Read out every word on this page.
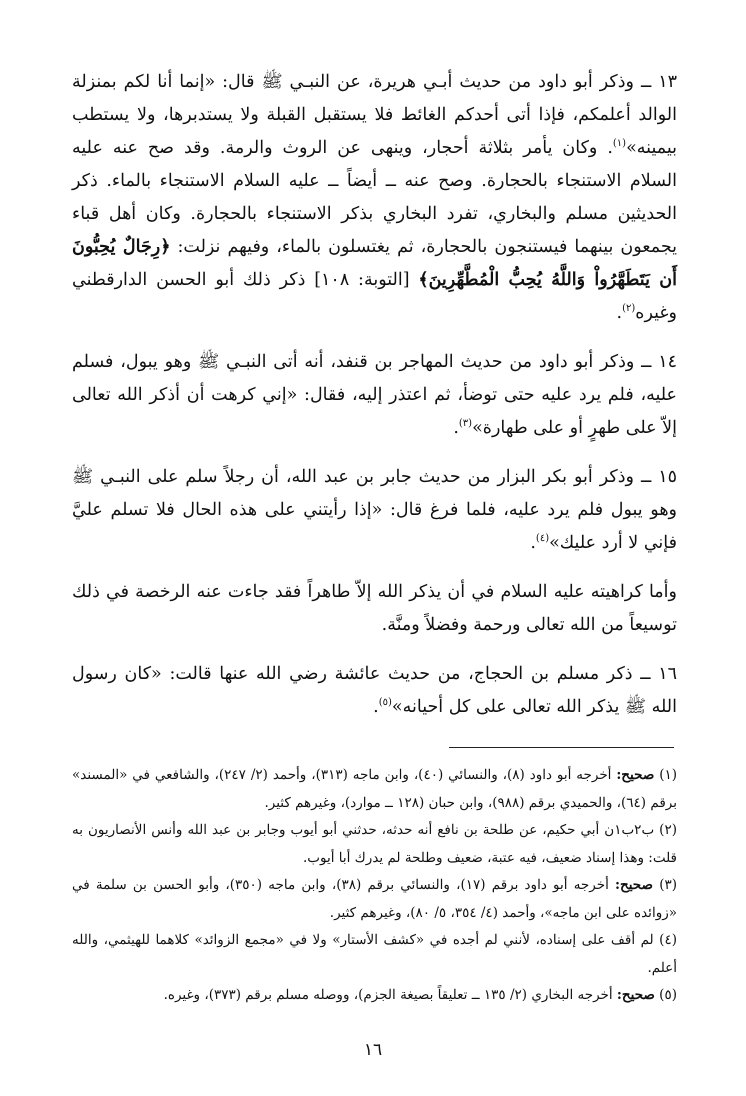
١٣ ــ وذكر أبو داود من حديث أبـي هريرة، عن النبـي ﷺ قال: «إنما أنا لكم بمنزلة الوالد أعلمكم، فإذا أتى أحدكم الغائط فلا يستقبل القبلة ولا يستدبرها، ولا يستطب بيمينه»$^{(١)}$. وكان يأمر بثلاثة أحجار، وينهى عن الروث والرمة. وقد صح عنه عليه السلام الاستنجاء بالحجارة. وصح عنه ــ أيضاً ــ عليه السلام الاستنجاء بالماء. ذكر الحديثين مسلم والبخاري، تفرد البخاري بذكر الاستنجاء بالحجارة. وكان أهل قباء يجمعون بينهما فيستنجون بالحجارة، ثم يغتسلون بالماء، وفيهم نزلت: ﴿رِجَالٌ يُحِبُّونَ أَن يَتَطَهَّرُواْ وَاللَّهُ يُحِبُّ الْمُطَّهِّرِينَ﴾ [التوبة: ١٠٨] ذكر ذلك أبو الحسن الدارقطني وغيره$^{(٢)}$.

١٤ ــ وذكر أبو داود من حديث المهاجر بن قنفد، أنه أتى النبـي ﷺ وهو يبول، فسلم عليه، فلم يرد عليه حتى توضأ، ثم اعتذر إليه، فقال: «إني كرهت أن أذكر الله تعالى إلاّ على طهرٍ أو على طهارة»$^{(٣)}$.

١٥ ــ وذكر أبو بكر البزار من حديث جابر بن عبد الله، أن رجلاً سلم على النبـي ﷺ وهو يبول فلم يرد عليه، فلما فرغ قال: «إذا رأيتني على هذه الحال فلا تسلم عليَّ فإني لا أرد عليك»$^{(٤)}$.

وأما كراهيته عليه السلام في أن يذكر الله إلاّ طاهراً فقد جاءت عنه الرخصة في ذلك توسيعاً من الله تعالى ورحمة وفضلاً ومنَّة.

١٦ ــ ذكر مسلم بن الحجاج، من حديث عائشة رضي الله عنها قالت: «كان رسول الله ﷺ يذكر الله تعالى على كل أحيانه»$^{(٥)}$.

(١) صحيح: أخرجه أبو داود (٨)، والنسائي (٤٠)، وابن ماجه (٣١٣)، وأحمد (٢/ ٢٤٧)، والشافعي في «المسند» برقم (٦٤)، والحميدي برقم (٩٨٨)، وابن حبان (١٢٨ ــ موارد)، وغيرهم كثير.

(٢) ب٢ب١ن أبي حكيم، عن طلحة بن نافع أنه حدثه، حدثني أبو أيوب وجابر بن عبد الله وأنس الأنصاريون به قلت: وهذا إسناد ضعيف، فيه عتبة، ضعيف وطلحة لم يدرك أبا أيوب.

(٣) صحيح: أخرجه أبو داود برقم (١٧)، والنسائي برقم (٣٨)، وابن ماجه (٣٥٠)، وأبو الحسن بن سلمة في «زوائده على ابن ماجه»، وأحمد (٤/ ٣٥٤، ٥/ ٨٠)، وغيرهم كثير.

(٤) لم أقف على إسناده، لأنني لم أجده في «كشف الأستار» ولا في «مجمع الزوائد» كلاهما للهيثمي، والله أعلم.

(٥) صحيح: أخرجه البخاري (٢/ ١٣٥ ــ تعليقاً بصيغة الجزم)، ووصله مسلم برقم (٣٧٣)، وغيره.

١٦
